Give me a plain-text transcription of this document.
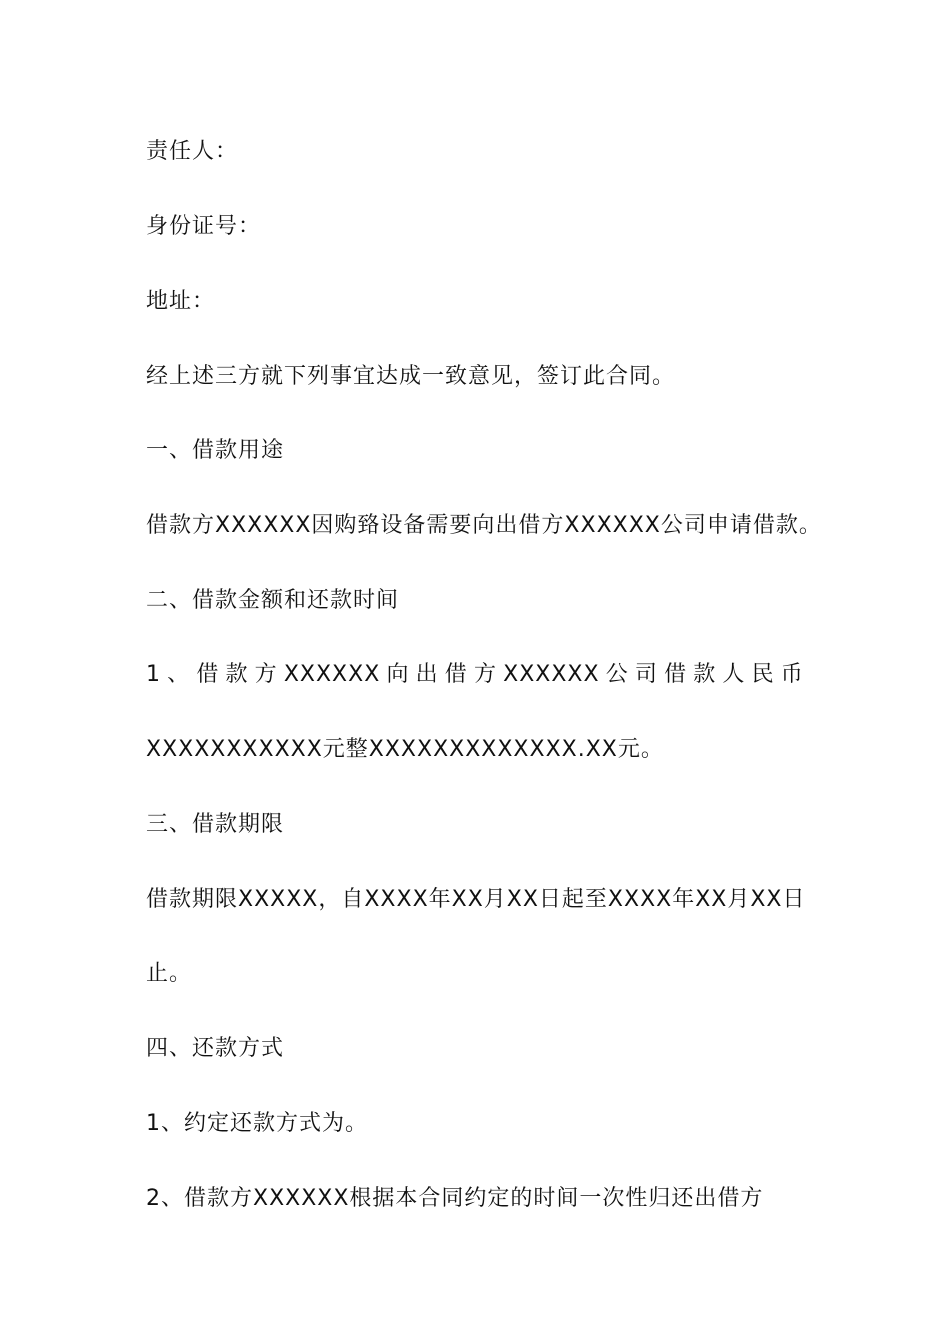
责任人：
身份证号：
地址：
经上述三方就下列事宜达成一致意见，签订此合同。
一、借款用途
借款方XXXXXX因购臵设备需要向出借方XXXXXX公司申请借款。
二、借款金额和还款时间
1 、 借 款 方 XXXXXX 向 出 借 方 XXXXXX 公 司 借 款 人 民 币
XXXXXXXXXXX元整XXXXXXXXXXXXX.XX元。
三、借款期限
借款期限XXXXX，自XXXX年XX月XX日起至XXXX年XX月XX日
止。
四、还款方式
1、约定还款方式为。
2、借款方XXXXXX根据本合同约定的时间一次性归还出借方
